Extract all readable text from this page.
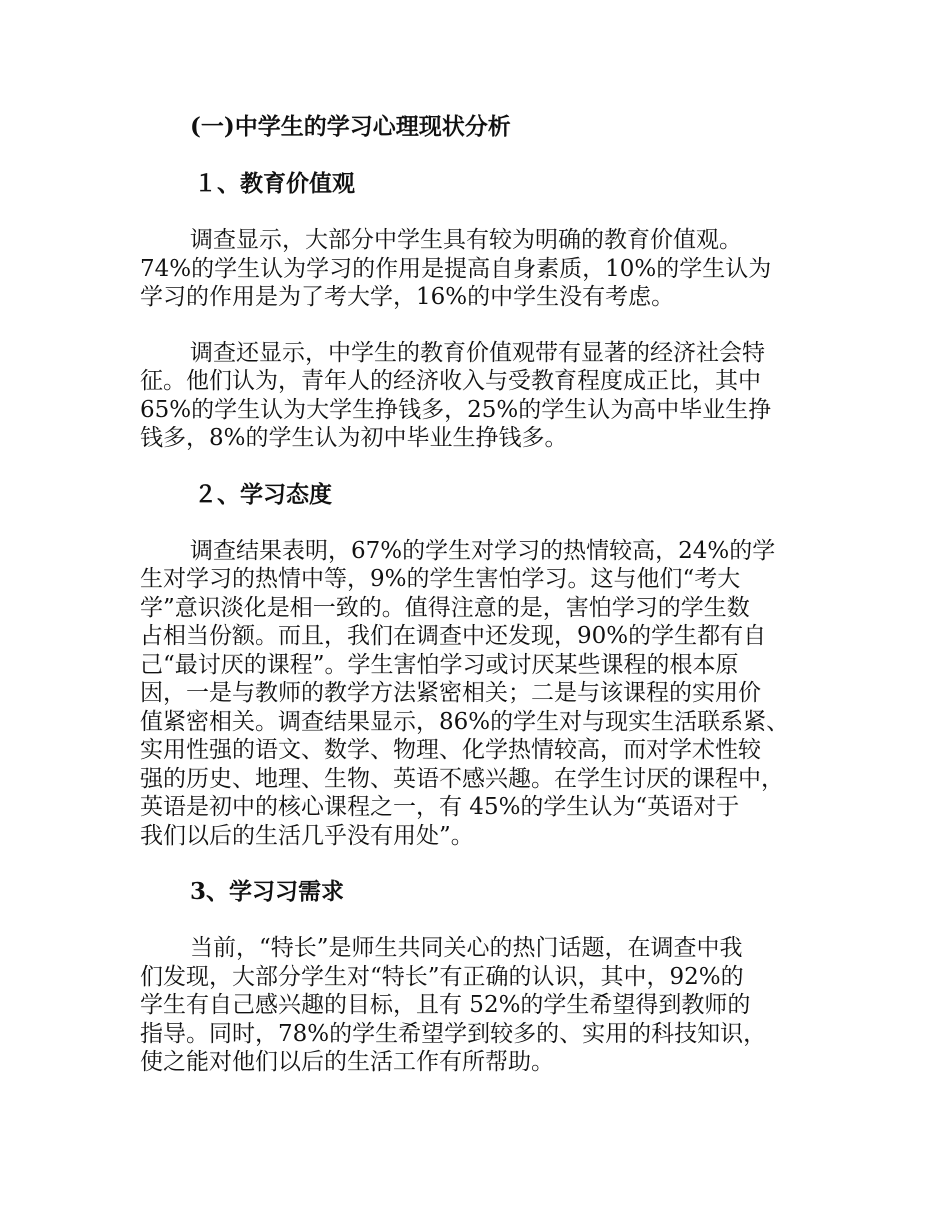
(一)中学生的学习心理现状分析
１、教育价值观

调查显示，大部分中学生具有较为明确的教育价值观。
74%的学生认为学习的作用是提高自身素质，10%的学生认为
学习的作用是为了考大学，16%的中学生没有考虑。

调查还显示，中学生的教育价值观带有显著的经济社会特
征。他们认为，青年人的经济收入与受教育程度成正比，其中
65%的学生认为大学生挣钱多，25%的学生认为高中毕业生挣
钱多，8%的学生认为初中毕业生挣钱多。

２、学习态度

调查结果表明，67%的学生对学习的热情较高，24%的学
生对学习的热情中等，9%的学生害怕学习。这与他们“考大
学”意识淡化是相一致的。值得注意的是，害怕学习的学生数
占相当份额。而且，我们在调查中还发现，90%的学生都有自
己“最讨厌的课程”。学生害怕学习或讨厌某些课程的根本原
因，一是与教师的教学方法紧密相关；二是与该课程的实用价
值紧密相关。调查结果显示，86%的学生对与现实生活联系紧、
实用性强的语文、数学、物理、化学热情较高，而对学术性较
强的历史、地理、生物、英语不感兴趣。在学生讨厌的课程中，
英语是初中的核心课程之一，有 45%的学生认为“英语对于
我们以后的生活几乎没有用处”。

3、学习习需求

当前，“特长”是师生共同关心的热门话题，在调查中我
们发现，大部分学生对“特长”有正确的认识，其中，92%的
学生有自己感兴趣的目标，且有 52%的学生希望得到教师的
指导。同时，78%的学生希望学到较多的、实用的科技知识，
使之能对他们以后的生活工作有所帮助。
